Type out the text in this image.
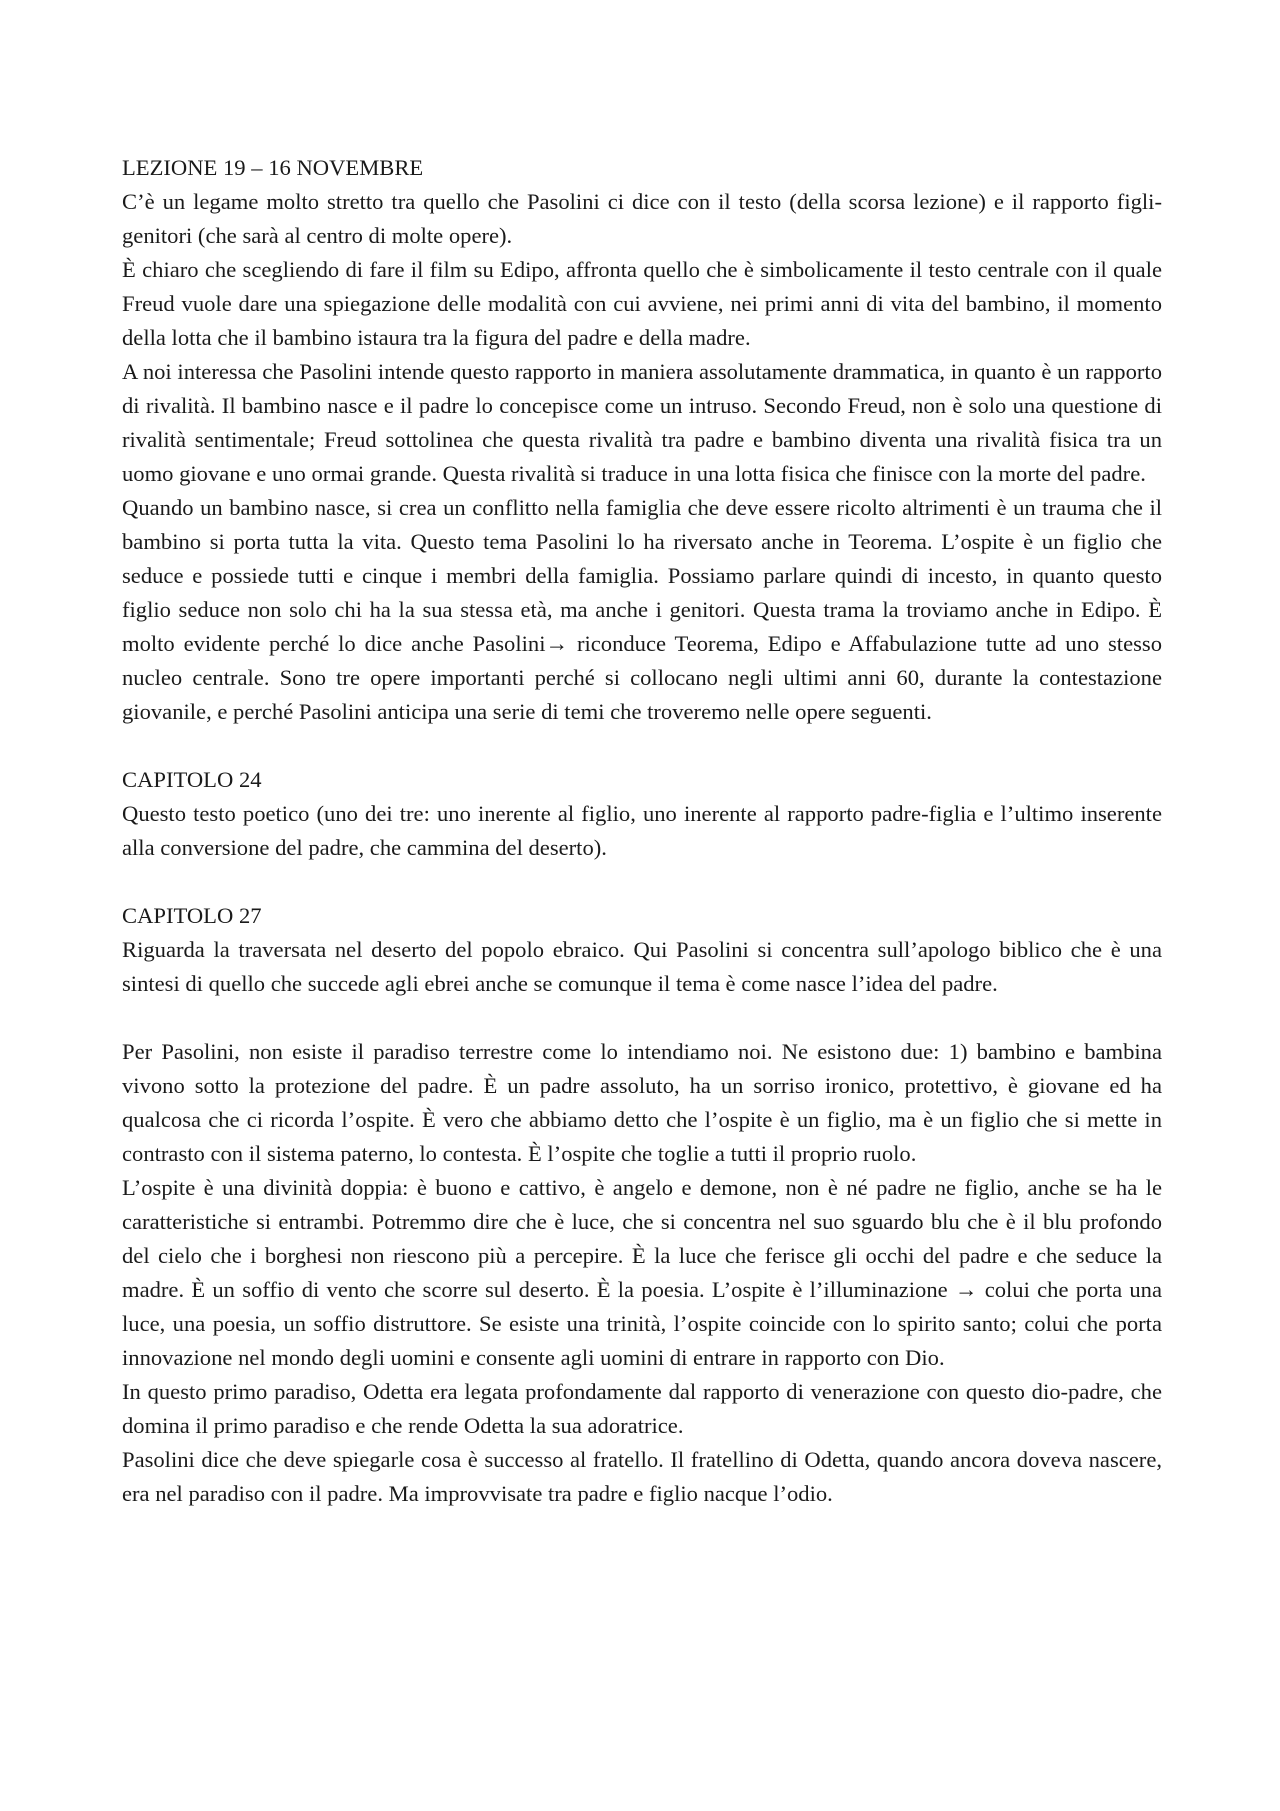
LEZIONE 19 – 16 NOVEMBRE

C’è un legame molto stretto tra quello che Pasolini ci dice con il testo (della scorsa lezione) e il rapporto figli-genitori (che sarà al centro di molte opere).

È chiaro che scegliendo di fare il film su Edipo, affronta quello che è simbolicamente il testo centrale con il quale Freud vuole dare una spiegazione delle modalità con cui avviene, nei primi anni di vita del bambino, il momento della lotta che il bambino istaura tra la figura del padre e della madre.

A noi interessa che Pasolini intende questo rapporto in maniera assolutamente drammatica, in quanto è un rapporto di rivalità. Il bambino nasce e il padre lo concepisce come un intruso. Secondo Freud, non è solo una questione di rivalità sentimentale; Freud sottolinea che questa rivalità tra padre e bambino diventa una rivalità fisica tra un uomo giovane e uno ormai grande. Questa rivalità si traduce in una lotta fisica che finisce con la morte del padre.

Quando un bambino nasce, si crea un conflitto nella famiglia che deve essere ricolto altrimenti è un trauma che il bambino si porta tutta la vita. Questo tema Pasolini lo ha riversato anche in Teorema. L’ospite è un figlio che seduce e possiede tutti e cinque i membri della famiglia. Possiamo parlare quindi di incesto, in quanto questo figlio seduce non solo chi ha la sua stessa età, ma anche i genitori. Questa trama la troviamo anche in Edipo. È molto evidente perché lo dice anche Pasolini→ riconduce Teorema, Edipo e Affabulazione tutte ad uno stesso nucleo centrale. Sono tre opere importanti perché si collocano negli ultimi anni 60, durante la contestazione giovanile, e perché Pasolini anticipa una serie di temi che troveremo nelle opere seguenti.

CAPITOLO 24

Questo testo poetico (uno dei tre: uno inerente al figlio, uno inerente al rapporto padre-figlia e l’ultimo inserente alla conversione del padre, che cammina del deserto).

CAPITOLO 27

Riguarda la traversata nel deserto del popolo ebraico. Qui Pasolini si concentra sull’apologo biblico che è una sintesi di quello che succede agli ebrei anche se comunque il tema è come nasce l’idea del padre.

Per Pasolini, non esiste il paradiso terrestre come lo intendiamo noi. Ne esistono due: 1) bambino e bambina vivono sotto la protezione del padre. È un padre assoluto, ha un sorriso ironico, protettivo, è giovane ed ha qualcosa che ci ricorda l’ospite. È vero che abbiamo detto che l’ospite è un figlio, ma è un figlio che si mette in contrasto con il sistema paterno, lo contesta. È l’ospite che toglie a tutti il proprio ruolo.

L’ospite è una divinità doppia: è buono e cattivo, è angelo e demone, non è né padre ne figlio, anche se ha le caratteristiche si entrambi. Potremmo dire che è luce, che si concentra nel suo sguardo blu che è il blu profondo del cielo che i borghesi non riescono più a percepire. È la luce che ferisce gli occhi del padre e che seduce la madre. È un soffio di vento che scorre sul deserto. È la poesia. L’ospite è l’illuminazione → colui che porta una luce, una poesia, un soffio distruttore. Se esiste una trinità, l’ospite coincide con lo spirito santo; colui che porta innovazione nel mondo degli uomini e consente agli uomini di entrare in rapporto con Dio.

In questo primo paradiso, Odetta era legata profondamente dal rapporto di venerazione con questo dio-padre, che domina il primo paradiso e che rende Odetta la sua adoratrice.

Pasolini dice che deve spiegarle cosa è successo al fratello. Il fratellino di Odetta, quando ancora doveva nascere, era nel paradiso con il padre. Ma improvvisate tra padre e figlio nacque l’odio.
